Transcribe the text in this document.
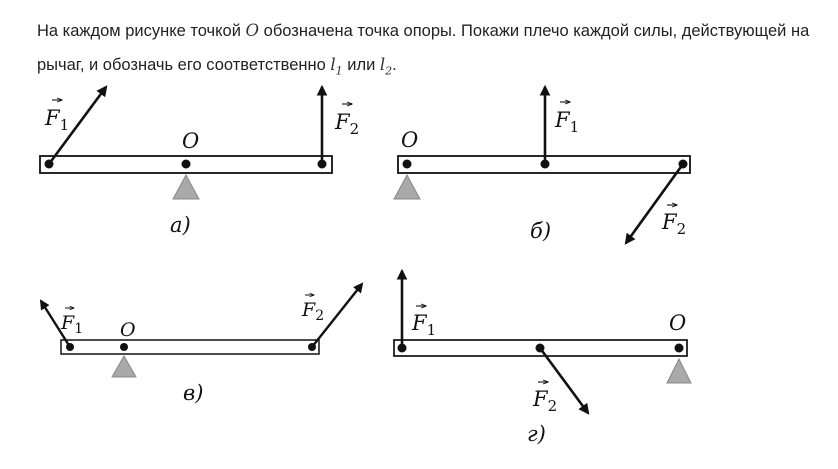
На каждом рисунке точкой O обозначена точка опоры. Покажи плечо каждой силы, действующей на рычаг, и обозначь его соответственно $l_1$ или $l_2$.
$F_1$	$F_2$
O
а)
$F_1$
$F_2$
O
б)
$F_1$
$F_2$
O
в)
$F_1$
$F_2$
O
г)
